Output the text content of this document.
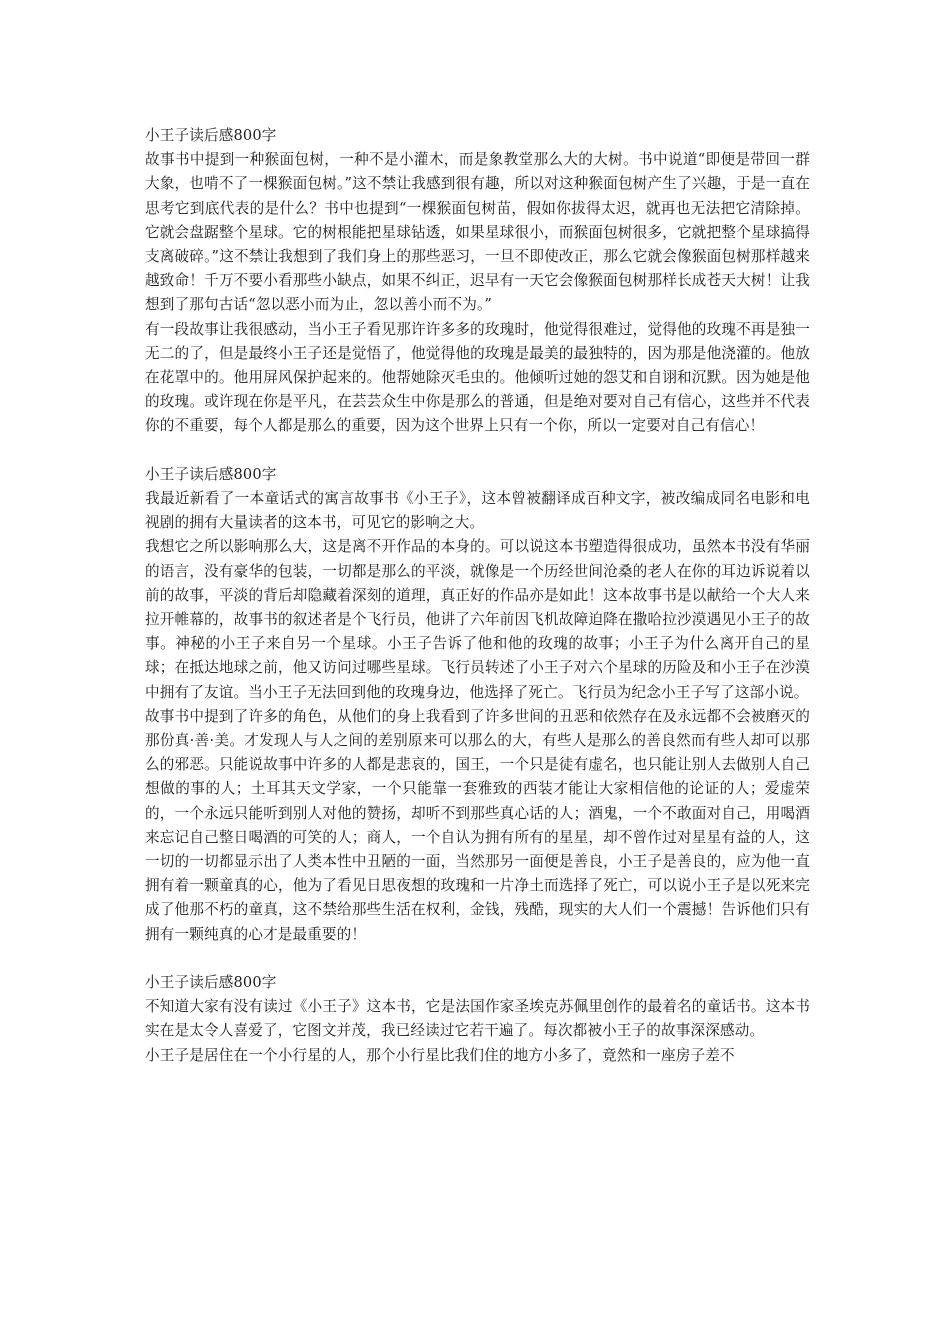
小王子读后感800字

故事书中提到一种猴面包树，一种不是小灌木，而是象教堂那么大的大树。书中说道“即便是带回一群大象，也啃不了一棵猴面包树。”这不禁让我感到很有趣，所以对这种猴面包树产生了兴趣，于是一直在思考它到底代表的是什么？书中也提到“一棵猴面包树苗，假如你拔得太迟，就再也无法把它清除掉。它就会盘踞整个星球。它的树根能把星球钻透，如果星球很小，而猴面包树很多，它就把整个星球搞得支离破碎。”这不禁让我想到了我们身上的那些恶习，一旦不即使改正，那么它就会像猴面包树那样越来越致命！千万不要小看那些小缺点，如果不纠正，迟早有一天它会像猴面包树那样长成苍天大树！让我想到了那句古话“忽以恶小而为止，忽以善小而不为。”

有一段故事让我很感动，当小王子看见那许许多多的玫瑰时，他觉得很难过，觉得他的玫瑰不再是独一无二的了，但是最终小王子还是觉悟了，他觉得他的玫瑰是最美的最独特的，因为那是他浇灌的。他放在花罩中的。他用屏风保护起来的。他帮她除灭毛虫的。他倾听过她的怨艾和自诩和沉默。因为她是他的玫瑰。或许现在你是平凡，在芸芸众生中你是那么的普通，但是绝对要对自己有信心，这些并不代表你的不重要，每个人都是那么的重要，因为这个世界上只有一个你，所以一定要对自己有信心！

小王子读后感800字

我最近新看了一本童话式的寓言故事书《小王子》，这本曾被翻译成百种文字，被改编成同名电影和电视剧的拥有大量读者的这本书，可见它的影响之大。

我想它之所以影响那么大，这是离不开作品的本身的。可以说这本书塑造得很成功，虽然本书没有华丽的语言，没有豪华的包装，一切都是那么的平淡，就像是一个历经世间沧桑的老人在你的耳边诉说着以前的故事，平淡的背后却隐藏着深刻的道理，真正好的作品亦是如此！这本故事书是以献给一个大人来拉开帷幕的，故事书的叙述者是个飞行员，他讲了六年前因飞机故障迫降在撒哈拉沙漠遇见小王子的故事。神秘的小王子来自另一个星球。小王子告诉了他和他的玫瑰的故事；小王子为什么离开自己的星球；在抵达地球之前，他又访问过哪些星球。飞行员转述了小王子对六个星球的历险及和小王子在沙漠中拥有了友谊。当小王子无法回到他的玫瑰身边，他选择了死亡。飞行员为纪念小王子写了这部小说。

故事书中提到了许多的角色，从他们的身上我看到了许多世间的丑恶和依然存在及永远都不会被磨灭的那份真·善·美。才发现人与人之间的差别原来可以那么的大，有些人是那么的善良然而有些人却可以那么的邪恶。只能说故事中许多的人都是悲哀的，国王，一个只是徒有虚名，也只能让别人去做别人自己想做的事的人；土耳其天文学家，一个只能靠一套雅致的西装才能让大家相信他的论证的人；爱虚荣的，一个永远只能听到别人对他的赞扬，却听不到那些真心话的人；酒鬼，一个不敢面对自己，用喝酒来忘记自己整日喝酒的可笑的人；商人，一个自认为拥有所有的星星，却不曾作过对星星有益的人，这一切的一切都显示出了人类本性中丑陋的一面，当然那另一面便是善良，小王子是善良的，应为他一直拥有着一颗童真的心，他为了看见日思夜想的玫瑰和一片净土而选择了死亡，可以说小王子是以死来完成了他那不朽的童真，这不禁给那些生活在权利，金钱，残酷，现实的大人们一个震撼！告诉他们只有拥有一颗纯真的心才是最重要的！

小王子读后感800字

不知道大家有没有读过《小王子》这本书，它是法国作家圣埃克苏佩里创作的最着名的童话书。这本书实在是太令人喜爱了，它图文并茂，我已经读过它若干遍了。每次都被小王子的故事深深感动。

小王子是居住在一个小行星的人，那个小行星比我们住的地方小多了，竟然和一座房子差不
